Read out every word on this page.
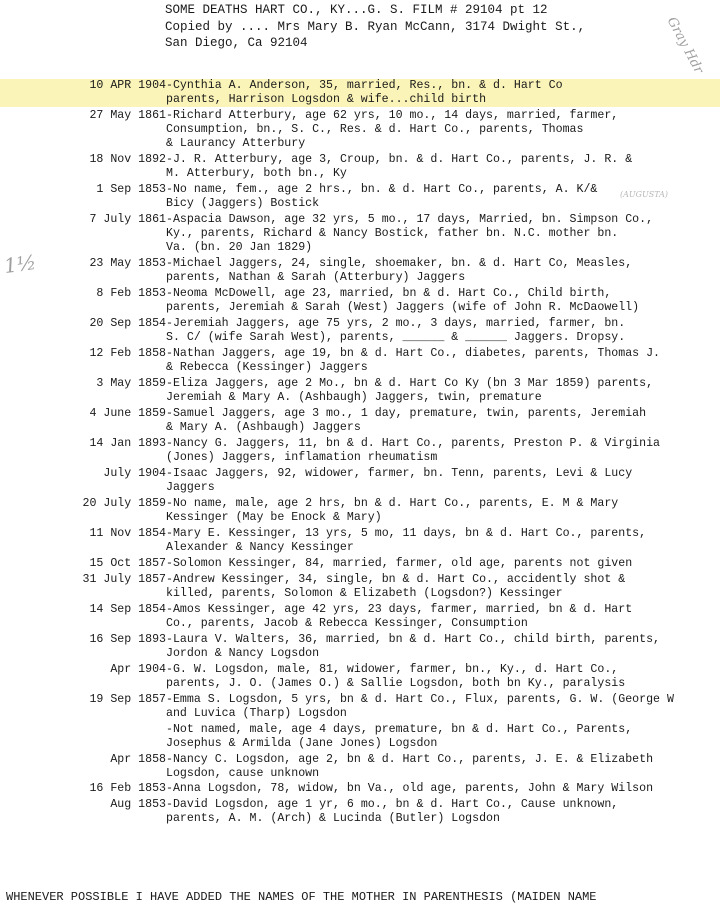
SOME DEATHS HART CO., KY...G. S. FILM # 29104 pt 12
Copied by .... Mrs Mary B. Ryan McCann, 3174 Dwight St.,
San Diego, Ca 92104	Gray Hdr
1½
(AUGUSTA)
10 APR 1904-Cynthia A. Anderson, 35, married, Res., bn. & d. Hart Co
parents, Harrison Logsdon & wife...child birth
27 May 1861-Richard Atterbury, age 62 yrs, 10 mo., 14 days, married, farmer,
Consumption, bn., S. C., Res. & d. Hart Co., parents, Thomas
& Laurancy Atterbury
18 Nov 1892-J. R. Atterbury, age 3, Croup, bn. & d. Hart Co., parents, J. R. &
M. Atterbury, both bn., Ky
1 Sep 1853-No name, fem., age 2 hrs., bn. & d. Hart Co., parents, A. K/&
Bicy (Jaggers) Bostick
7 July 1861-Aspacia Dawson, age 32 yrs, 5 mo., 17 days, Married, bn. Simpson Co.,
Ky., parents, Richard & Nancy Bostick, father bn. N.C. mother bn.
Va. (bn. 20 Jan 1829)
23 May 1853-Michael Jaggers, 24, single, shoemaker, bn. & d. Hart Co, Measles,
parents, Nathan & Sarah (Atterbury) Jaggers
8 Feb 1853-Neoma McDowell, age 23, married, bn & d. Hart Co., Child birth,
parents, Jeremiah & Sarah (West) Jaggers (wife of John R. McDaowell)
20 Sep 1854-Jeremiah Jaggers, age 75 yrs, 2 mo., 3 days, married, farmer, bn.
S. C/ (wife Sarah West), parents, ______ & ______ Jaggers. Dropsy.
12 Feb 1858-Nathan Jaggers, age 19, bn & d. Hart Co., diabetes, parents, Thomas J.
& Rebecca (Kessinger) Jaggers
3 May 1859-Eliza Jaggers, age 2 Mo., bn & d. Hart Co Ky (bn 3 Mar 1859) parents,
Jeremiah & Mary A. (Ashbaugh) Jaggers, twin, premature
4 June 1859-Samuel Jaggers, age 3 mo., 1 day, premature, twin, parents, Jeremiah
& Mary A. (Ashbaugh) Jaggers
14 Jan 1893-Nancy G. Jaggers, 11, bn & d. Hart Co., parents, Preston P. & Virginia
(Jones) Jaggers, inflamation rheumatism
July 1904-Isaac Jaggers, 92, widower, farmer, bn. Tenn, parents, Levi & Lucy
Jaggers
20 July 1859-No name, male, age 2 hrs, bn & d. Hart Co., parents, E. M & Mary
Kessinger (May be Enock & Mary)
11 Nov 1854-Mary E. Kessinger, 13 yrs, 5 mo, 11 days, bn & d. Hart Co., parents,
Alexander & Nancy Kessinger
15 Oct 1857-Solomon Kessinger, 84, married, farmer, old age, parents not given
31 July 1857-Andrew Kessinger, 34, single, bn & d. Hart Co., accidently shot &
killed, parents, Solomon & Elizabeth (Logsdon?) Kessinger
14 Sep 1854-Amos Kessinger, age 42 yrs, 23 days, farmer, married, bn & d. Hart
Co., parents, Jacob & Rebecca Kessinger, Consumption
16 Sep 1893-Laura V. Walters, 36, married, bn & d. Hart Co., child birth, parents,
Jordon & Nancy Logsdon
Apr 1904-G. W. Logsdon, male, 81, widower, farmer, bn., Ky., d. Hart Co.,
parents, J. O. (James O.) & Sallie Logsdon, both bn Ky., paralysis
19 Sep 1857-Emma S. Logsdon, 5 yrs, bn & d. Hart Co., Flux, parents, G. W. (George W
and Luvica (Tharp) Logsdon
-Not named, male, age 4 days, premature, bn & d. Hart Co., Parents,
Josephus & Armilda (Jane Jones) Logsdon
Apr 1858-Nancy C. Logsdon, age 2, bn & d. Hart Co., parents, J. E. & Elizabeth
Logsdon, cause unknown
16 Feb 1853-Anna Logsdon, 78, widow, bn Va., old age, parents, John & Mary Wilson
Aug 1853-David Logsdon, age 1 yr, 6 mo., bn & d. Hart Co., Cause unknown,
parents, A. M. (Arch) & Lucinda (Butler) Logsdon
WHENEVER POSSIBLE I HAVE ADDED THE NAMES OF THE MOTHER IN PARENTHESIS (MAIDEN NAME
